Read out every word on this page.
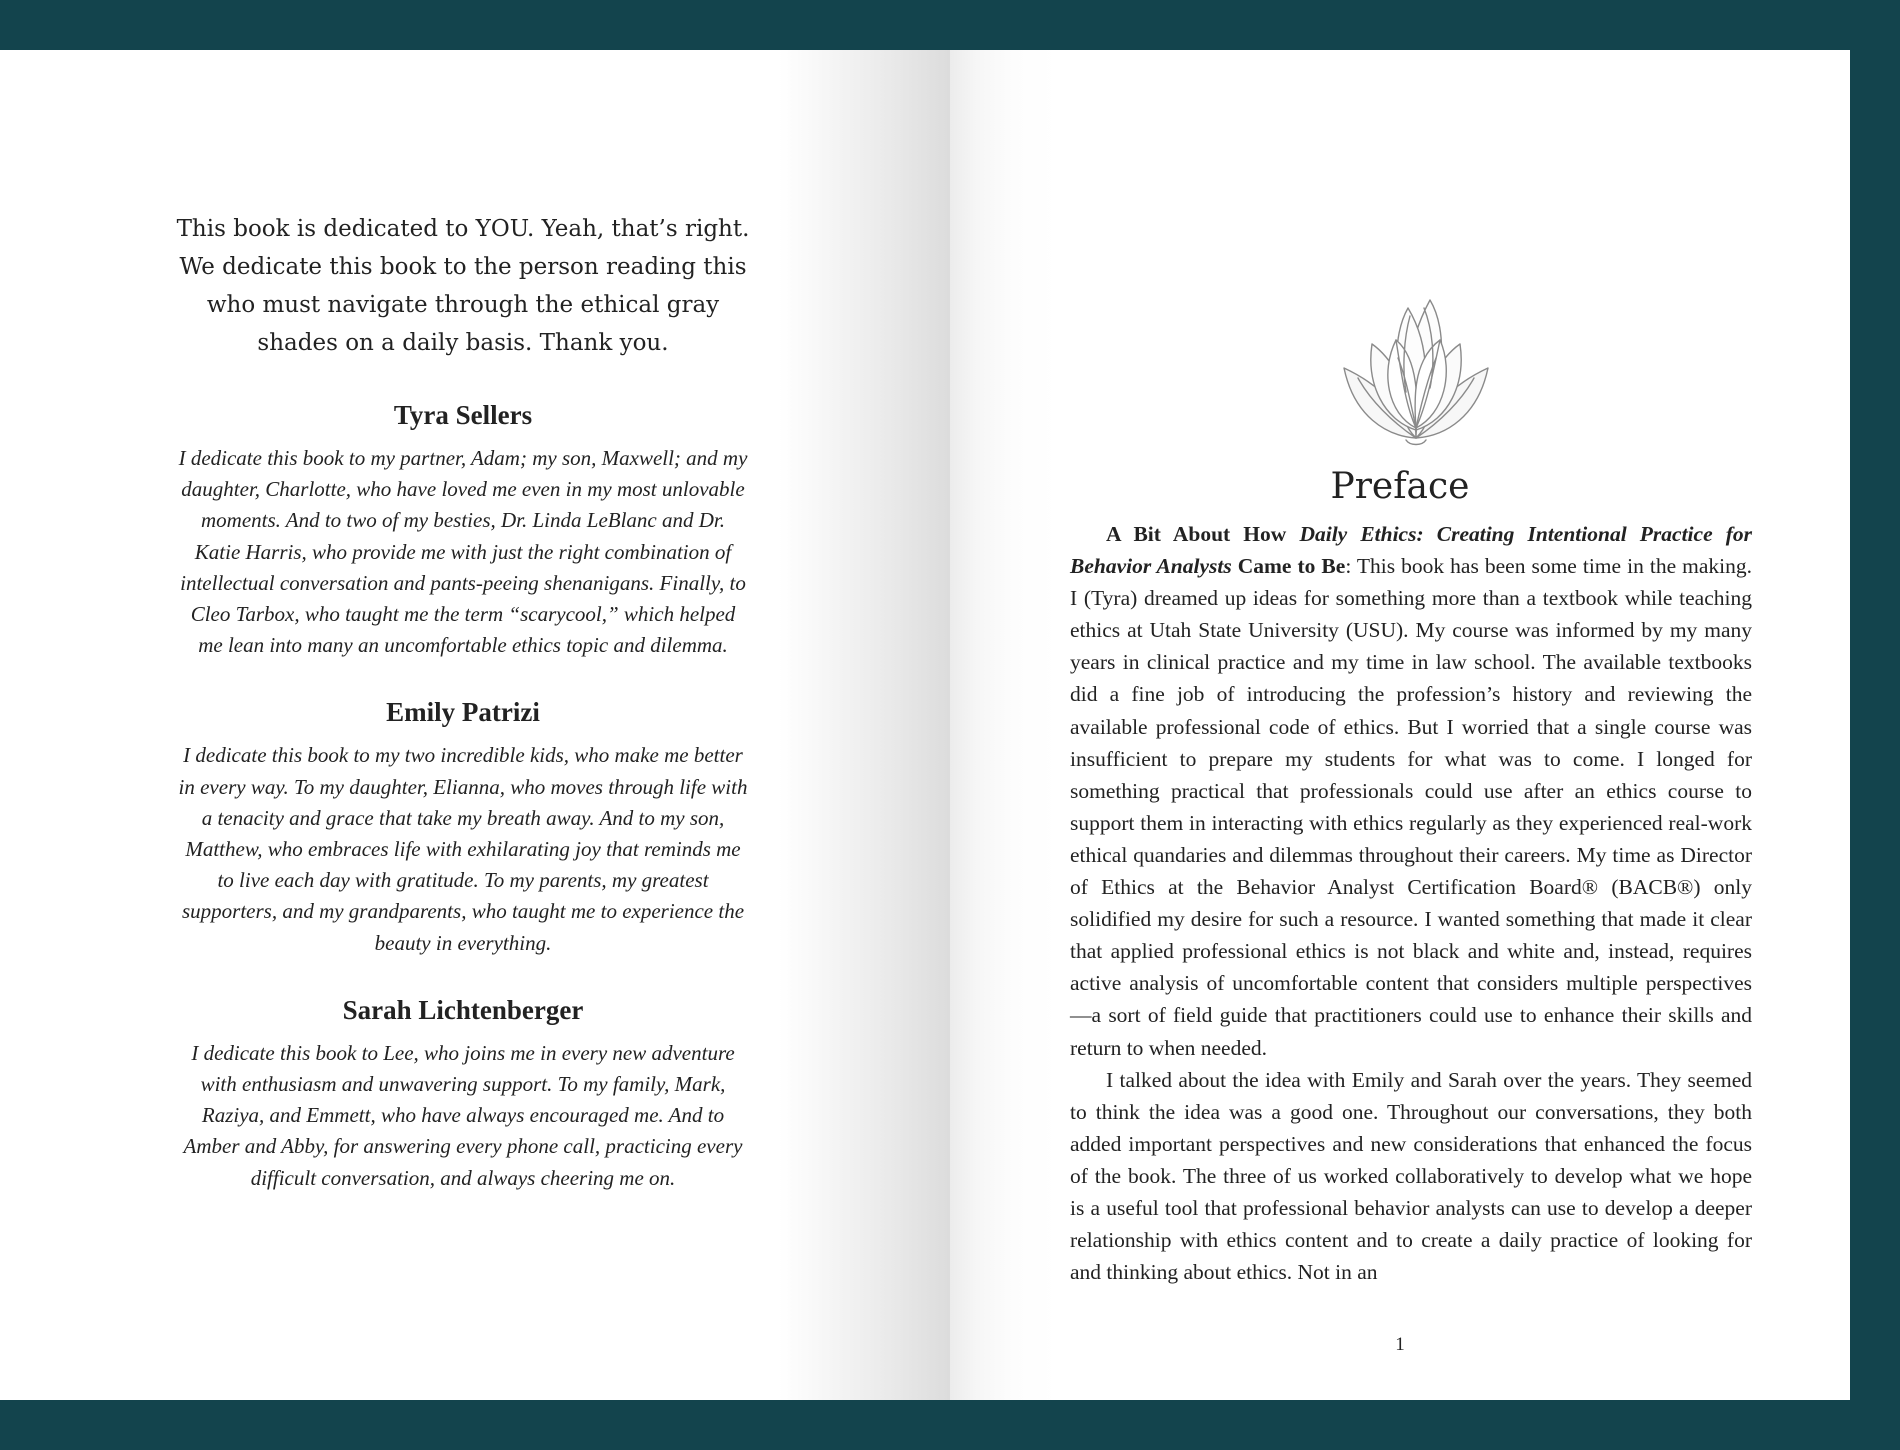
This book is dedicated to YOU. Yeah, that’s right. We dedicate this book to the person reading this who must navigate through the ethical gray shades on a daily basis. Thank you.

Tyra Sellers

I dedicate this book to my partner, Adam; my son, Maxwell; and my daughter, Charlotte, who have loved me even in my most unlovable moments. And to two of my besties, Dr. Linda LeBlanc and Dr. Katie Harris, who provide me with just the right combination of intellectual conversation and pants-peeing shenanigans. Finally, to Cleo Tarbox, who taught me the term “scarycool,” which helped me lean into many an uncomfortable ethics topic and dilemma.

Emily Patrizi

I dedicate this book to my two incredible kids, who make me better in every way. To my daughter, Elianna, who moves through life with a tenacity and grace that take my breath away. And to my son, Matthew, who embraces life with exhilarating joy that reminds me to live each day with gratitude. To my parents, my greatest supporters, and my grandparents, who taught me to experience the beauty in everything.

Sarah Lichtenberger

I dedicate this book to Lee, who joins me in every new adventure with enthusiasm and unwavering support. To my family, Mark, Raziya, and Emmett, who have always encouraged me. And to Amber and Abby, for answering every phone call, practicing every difficult conversation, and always cheering me on.

Preface

A Bit About How Daily Ethics: Creating Intentional Practice for Behavior Analysts Came to Be: This book has been some time in the making. I (Tyra) dreamed up ideas for something more than a textbook while teaching ethics at Utah State University (USU). My course was informed by my many years in clinical practice and my time in law school. The available textbooks did a fine job of introducing the profession’s history and reviewing the available professional code of ethics. But I worried that a single course was insufficient to prepare my students for what was to come. I longed for something practical that professionals could use after an ethics course to support them in interacting with ethics regularly as they experienced real-work ethical quandaries and dilemmas throughout their careers. My time as Director of Ethics at the Behavior Analyst Certification Board® (BACB®) only solidified my desire for such a resource. I wanted something that made it clear that applied professional ethics is not black and white and, instead, requires active analysis of uncomfortable content that considers multiple perspectives—a sort of field guide that practitioners could use to enhance their skills and return to when needed.

I talked about the idea with Emily and Sarah over the years. They seemed to think the idea was a good one. Throughout our conversations, they both added important perspectives and new considerations that enhanced the focus of the book. The three of us worked collaboratively to develop what we hope is a useful tool that professional behavior analysts can use to develop a deeper relationship with ethics content and to create a daily practice of looking for and thinking about ethics. Not in an

1
